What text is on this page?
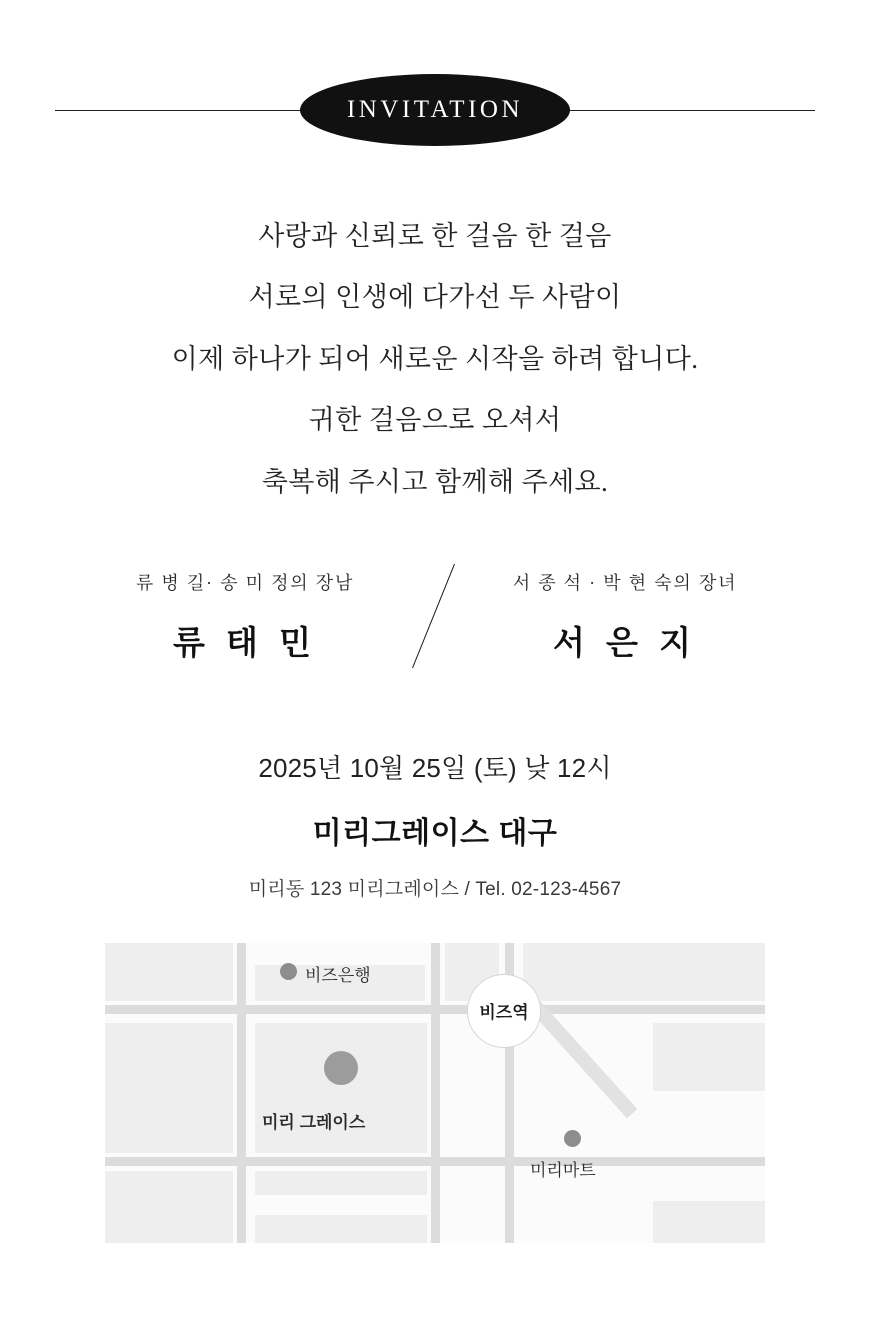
INVITATION

사랑과 신뢰로 한 걸음 한 걸음

서로의 인생에 다가선 두 사람이

이제 하나가 되어 새로운 시작을 하려 합니다.

귀한 걸음으로 오셔서

축복해 주시고 함께해 주세요.

류 병 길· 송 미 정의 장남
류 태 민
서 종 석 · 박 현 숙의 장녀
서 은 지
2025년 10월 25일 (토) 낮 12시
미리그레이스 대구
미리동 123 미리그레이스 / Tel. 02-123-4567
비즈은행
비즈역
미리 그레이스
미리마트
